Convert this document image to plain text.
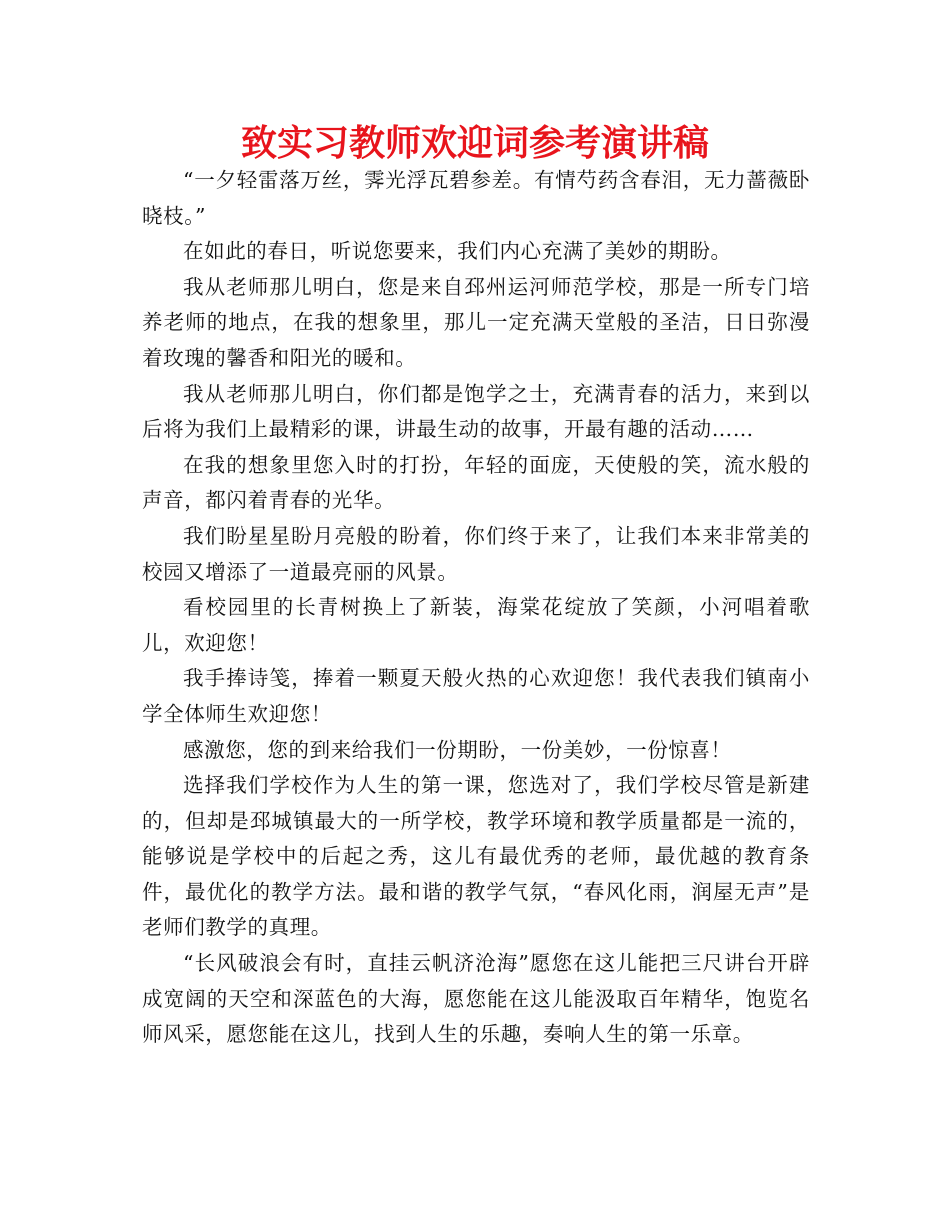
致实习教师欢迎词参考演讲稿

“一夕轻雷落万丝，霁光浮瓦碧参差。有情芍药含春泪，无力蔷薇卧晓枝。”

在如此的春日，听说您要来，我们内心充满了美妙的期盼。

我从老师那儿明白，您是来自邳州运河师范学校，那是一所专门培养老师的地点，在我的想象里，那儿一定充满天堂般的圣洁，日日弥漫着玫瑰的馨香和阳光的暖和。

我从老师那儿明白，你们都是饱学之士，充满青春的活力，来到以后将为我们上最精彩的课，讲最生动的故事，开最有趣的活动……

在我的想象里您入时的打扮，年轻的面庞，天使般的笑，流水般的声音，都闪着青春的光华。

我们盼星星盼月亮般的盼着，你们终于来了，让我们本来非常美的校园又增添了一道最亮丽的风景。

看校园里的长青树换上了新装，海棠花绽放了笑颜，小河唱着歌儿，欢迎您！

我手捧诗笺，捧着一颗夏天般火热的心欢迎您！我代表我们镇南小学全体师生欢迎您！

感激您，您的到来给我们一份期盼，一份美妙，一份惊喜！

选择我们学校作为人生的第一课，您选对了，我们学校尽管是新建的，但却是邳城镇最大的一所学校，教学环境和教学质量都是一流的，能够说是学校中的后起之秀，这儿有最优秀的老师，最优越的教育条件，最优化的教学方法。最和谐的教学气氛，“春风化雨，润屋无声”是老师们教学的真理。

“长风破浪会有时，直挂云帆济沧海”愿您在这儿能把三尺讲台开辟成宽阔的天空和深蓝色的大海，愿您能在这儿能汲取百年精华，饱览名师风采，愿您能在这儿，找到人生的乐趣，奏响人生的第一乐章。
